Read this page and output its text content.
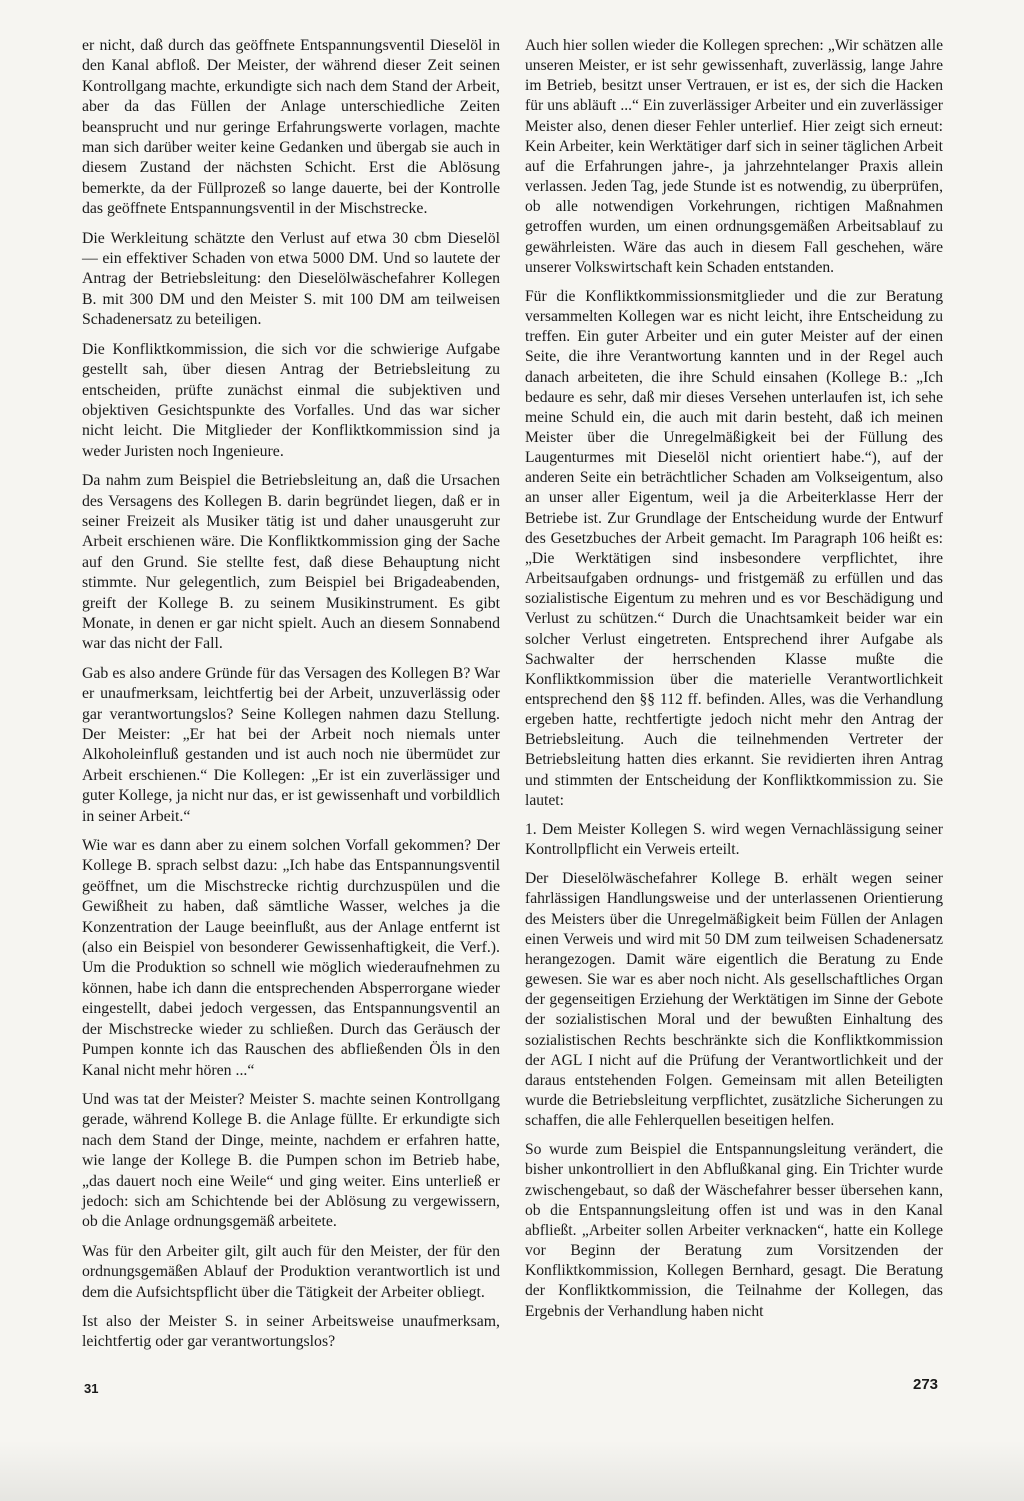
er nicht, daß durch das geöffnete Entspannungsventil Dieselöl in den Kanal abfloß. Der Meister, der während dieser Zeit seinen Kontrollgang machte, erkundigte sich nach dem Stand der Arbeit, aber da das Füllen der Anlage unterschiedliche Zeiten beansprucht und nur geringe Erfahrungswerte vorlagen, machte man sich darüber weiter keine Gedanken und übergab sie auch in diesem Zustand der nächsten Schicht. Erst die Ablösung bemerkte, da der Füllprozeß so lange dauerte, bei der Kontrolle das geöffnete Entspannungsventil in der Mischstrecke.

Die Werkleitung schätzte den Verlust auf etwa 30 cbm Dieselöl — ein effektiver Schaden von etwa 5000 DM. Und so lautete der Antrag der Betriebsleitung: den Dieselölwäschefahrer Kollegen B. mit 300 DM und den Meister S. mit 100 DM am teilweisen Schadenersatz zu beteiligen.

Die Konfliktkommission, die sich vor die schwierige Aufgabe gestellt sah, über diesen Antrag der Betriebsleitung zu entscheiden, prüfte zunächst einmal die subjektiven und objektiven Gesichtspunkte des Vorfalles. Und das war sicher nicht leicht. Die Mitglieder der Konfliktkommission sind ja weder Juristen noch Ingenieure.

Da nahm zum Beispiel die Betriebsleitung an, daß die Ursachen des Versagens des Kollegen B. darin begründet liegen, daß er in seiner Freizeit als Musiker tätig ist und daher unausgeruht zur Arbeit erschienen wäre. Die Konfliktkommission ging der Sache auf den Grund. Sie stellte fest, daß diese Behauptung nicht stimmte. Nur gelegentlich, zum Beispiel bei Brigadeabenden, greift der Kollege B. zu seinem Musikinstrument. Es gibt Monate, in denen er gar nicht spielt. Auch an diesem Sonnabend war das nicht der Fall.

Gab es also andere Gründe für das Versagen des Kollegen B? War er unaufmerksam, leichtfertig bei der Arbeit, unzuverlässig oder gar verantwortungslos? Seine Kollegen nahmen dazu Stellung. Der Meister: „Er hat bei der Arbeit noch niemals unter Alkoholeinfluß gestanden und ist auch noch nie übermüdet zur Arbeit erschienen.“ Die Kollegen: „Er ist ein zuverlässiger und guter Kollege, ja nicht nur das, er ist gewissenhaft und vorbildlich in seiner Arbeit.“

Wie war es dann aber zu einem solchen Vorfall gekommen? Der Kollege B. sprach selbst dazu: „Ich habe das Entspannungsventil geöffnet, um die Mischstrecke richtig durchzuspülen und die Gewißheit zu haben, daß sämtliche Wasser, welches ja die Konzentration der Lauge beeinflußt, aus der Anlage entfernt ist (also ein Beispiel von besonderer Gewissenhaftigkeit, die Verf.). Um die Produktion so schnell wie möglich wiederaufnehmen zu können, habe ich dann die entsprechenden Absperrorgane wieder eingestellt, dabei jedoch vergessen, das Entspannungsventil an der Mischstrecke wieder zu schließen. Durch das Geräusch der Pumpen konnte ich das Rauschen des abfließenden Öls in den Kanal nicht mehr hören ...“

Und was tat der Meister? Meister S. machte seinen Kontrollgang gerade, während Kollege B. die Anlage füllte. Er erkundigte sich nach dem Stand der Dinge, meinte, nachdem er erfahren hatte, wie lange der Kollege B. die Pumpen schon im Betrieb habe, „das dauert noch eine Weile“ und ging weiter. Eins unterließ er jedoch: sich am Schichtende bei der Ablösung zu vergewissern, ob die Anlage ordnungsgemäß arbeitete.

Was für den Arbeiter gilt, gilt auch für den Meister, der für den ordnungsgemäßen Ablauf der Produktion verantwortlich ist und dem die Aufsichtspflicht über die Tätigkeit der Arbeiter obliegt.

Ist also der Meister S. in seiner Arbeitsweise unaufmerksam, leichtfertig oder gar verantwortungslos?

Auch hier sollen wieder die Kollegen sprechen: „Wir schätzen alle unseren Meister, er ist sehr gewissenhaft, zuverlässig, lange Jahre im Betrieb, besitzt unser Vertrauen, er ist es, der sich die Hacken für uns abläuft ...“ Ein zuverlässiger Arbeiter und ein zuverlässiger Meister also, denen dieser Fehler unterlief. Hier zeigt sich erneut: Kein Arbeiter, kein Werktätiger darf sich in seiner täglichen Arbeit auf die Erfahrungen jahre-, ja jahrzehntelanger Praxis allein verlassen. Jeden Tag, jede Stunde ist es notwendig, zu überprüfen, ob alle notwendigen Vorkehrungen, richtigen Maßnahmen getroffen wurden, um einen ordnungsgemäßen Arbeitsablauf zu gewährleisten. Wäre das auch in diesem Fall geschehen, wäre unserer Volkswirtschaft kein Schaden entstanden.

Für die Konfliktkommissionsmitglieder und die zur Beratung versammelten Kollegen war es nicht leicht, ihre Entscheidung zu treffen. Ein guter Arbeiter und ein guter Meister auf der einen Seite, die ihre Verantwortung kannten und in der Regel auch danach arbeiteten, die ihre Schuld einsahen (Kollege B.: „Ich bedaure es sehr, daß mir dieses Versehen unterlaufen ist, ich sehe meine Schuld ein, die auch mit darin besteht, daß ich meinen Meister über die Unregelmäßigkeit bei der Füllung des Laugenturmes mit Dieselöl nicht orientiert habe.“), auf der anderen Seite ein beträchtlicher Schaden am Volkseigentum, also an unser aller Eigentum, weil ja die Arbeiterklasse Herr der Betriebe ist. Zur Grundlage der Entscheidung wurde der Entwurf des Gesetzbuches der Arbeit gemacht. Im Paragraph 106 heißt es: „Die Werktätigen sind insbesondere verpflichtet, ihre Arbeitsaufgaben ordnungs- und fristgemäß zu erfüllen und das sozialistische Eigentum zu mehren und es vor Beschädigung und Verlust zu schützen.“ Durch die Unachtsamkeit beider war ein solcher Verlust eingetreten. Entsprechend ihrer Aufgabe als Sachwalter der herrschenden Klasse mußte die Konfliktkommission über die materielle Verantwortlichkeit entsprechend den §§ 112 ff. befinden. Alles, was die Verhandlung ergeben hatte, rechtfertigte jedoch nicht mehr den Antrag der Betriebsleitung. Auch die teilnehmenden Vertreter der Betriebsleitung hatten dies erkannt. Sie revidierten ihren Antrag und stimmten der Entscheidung der Konfliktkommission zu. Sie lautet:

1. Dem Meister Kollegen S. wird wegen Vernachlässigung seiner Kontrollpflicht ein Verweis erteilt.

Der Dieselölwäschefahrer Kollege B. erhält wegen seiner fahrlässigen Handlungsweise und der unterlassenen Orientierung des Meisters über die Unregelmäßigkeit beim Füllen der Anlagen einen Verweis und wird mit 50 DM zum teilweisen Schadenersatz herangezogen. Damit wäre eigentlich die Beratung zu Ende gewesen. Sie war es aber noch nicht. Als gesellschaftliches Organ der gegenseitigen Erziehung der Werktätigen im Sinne der Gebote der sozialistischen Moral und der bewußten Einhaltung des sozialistischen Rechts beschränkte sich die Konfliktkommission der AGL I nicht auf die Prüfung der Verantwortlichkeit und der daraus entstehenden Folgen. Gemeinsam mit allen Beteiligten wurde die Betriebsleitung verpflichtet, zusätzliche Sicherungen zu schaffen, die alle Fehlerquellen beseitigen helfen.

So wurde zum Beispiel die Entspannungsleitung verändert, die bisher unkontrolliert in den Abflußkanal ging. Ein Trichter wurde zwischengebaut, so daß der Wäschefahrer besser übersehen kann, ob die Entspannungsleitung offen ist und was in den Kanal abfließt. „Arbeiter sollen Arbeiter verknacken“, hatte ein Kollege vor Beginn der Beratung zum Vorsitzenden der Konfliktkommission, Kollegen Bernhard, gesagt. Die Beratung der Konfliktkommission, die Teilnahme der Kollegen, das Ergebnis der Verhandlung haben nicht

31	273
